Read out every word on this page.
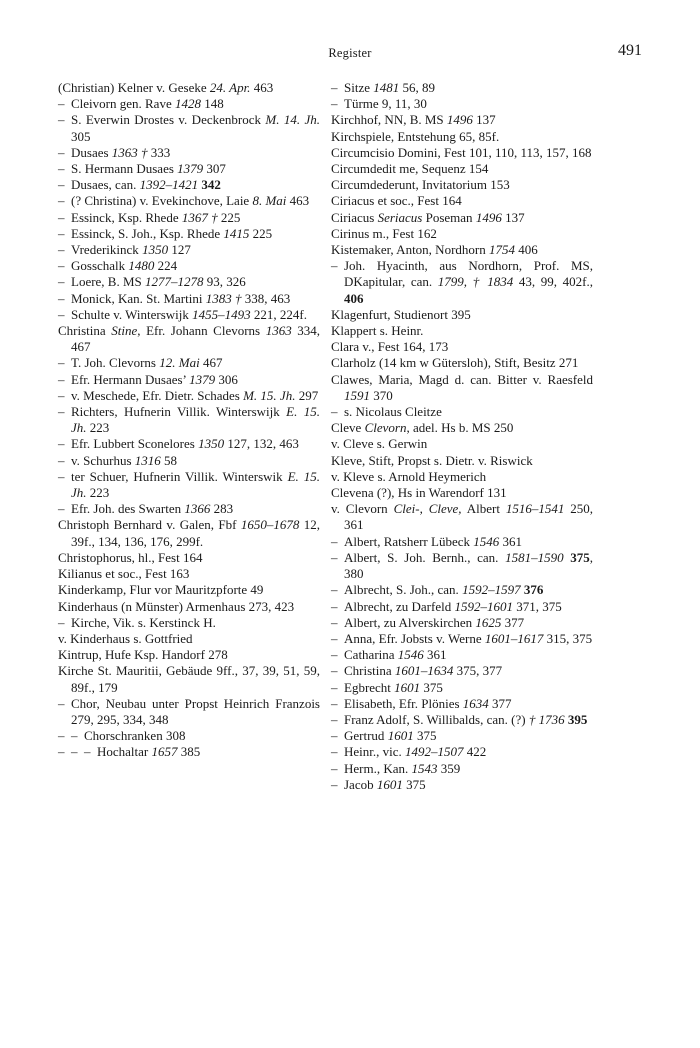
Register	491

(Christian) Kelner v. Geseke 24. Apr. 463

– Cleivorn gen. Rave 1428 148

– S. Everwin Drostes v. Deckenbrock M. 14. Jh. 305

– Dusaes 1363 † 333

– S. Hermann Dusaes 1379 307

– Dusaes, can. 1392–1421 342

– (? Christina) v. Evekinchove, Laie 8. Mai 463

– Essinck, Ksp. Rhede 1367 † 225

– Essinck, S. Joh., Ksp. Rhede 1415 225

– Vrederikinck 1350 127

– Gosschalk 1480 224

– Loere, B. MS 1277–1278 93, 326

– Monick, Kan. St. Martini 1383 † 338, 463

– Schulte v. Winterswijk 1455–1493 221, 224f.

Christina Stine, Efr. Johann Clevorns 1363 334, 467

– T. Joh. Clevorns 12. Mai 467

– Efr. Hermann Dusaes’ 1379 306

– v. Meschede, Efr. Dietr. Schades M. 15. Jh. 297

– Richters, Hufnerin Villik. Winterswijk E. 15. Jh. 223

– Efr. Lubbert Sconelores 1350 127, 132, 463

– v. Schurhus 1316 58

– ter Schuer, Hufnerin Villik. Winterswik E. 15. Jh. 223

– Efr. Joh. des Swarten 1366 283

Christoph Bernhard v. Galen, Fbf 1650–1678 12, 39f., 134, 136, 176, 299f.

Christophorus, hl., Fest 164

Kilianus et soc., Fest 163

Kinderkamp, Flur vor Mauritzpforte 49

Kinderhaus (n Münster) Armenhaus 273, 423

– Kirche, Vik. s. Kerstinck H.

v. Kinderhaus s. Gottfried

Kintrup, Hufe Ksp. Handorf 278

Kirche St. Mauritii, Gebäude 9ff., 37, 39, 51, 59, 89f., 179

– Chor, Neubau unter Propst Heinrich Franzois 279, 295, 334, 348

– – Chorschranken 308

– – – Hochaltar 1657 385

– Sitze 1481 56, 89

– Türme 9, 11, 30

Kirchhof, NN, B. MS 1496 137

Kirchspiele, Entstehung 65, 85f.

Circumcisio Domini, Fest 101, 110, 113, 157, 168

Circumdedit me, Sequenz 154

Circumdederunt, Invitatorium 153

Ciriacus et soc., Fest 164

Ciriacus Seriacus Poseman 1496 137

Cirinus m., Fest 162

Kistemaker, Anton, Nordhorn 1754 406

– Joh. Hyacinth, aus Nordhorn, Prof. MS, DKapitular, can. 1799, † 1834 43, 99, 402f., 406

Klagenfurt, Studienort 395

Klappert s. Heinr.

Clara v., Fest 164, 173

Clarholz (14 km w Gütersloh), Stift, Besitz 271

Clawes, Maria, Magd d. can. Bitter v. Raesfeld 1591 370

– s. Nicolaus Cleitze

Cleve Clevorn, adel. Hs b. MS 250

v. Cleve s. Gerwin

Kleve, Stift, Propst s. Dietr. v. Riswick

v. Kleve s. Arnold Heymerich

Clevena (?), Hs in Warendorf 131

v. Clevorn Clei-, Cleve, Albert 1516–1541 250, 361

– Albert, Ratsherr Lübeck 1546 361

– Albert, S. Joh. Bernh., can. 1581–1590 375, 380

– Albrecht, S. Joh., can. 1592–1597 376

– Albrecht, zu Darfeld 1592–1601 371, 375

– Albert, zu Alverskirchen 1625 377

– Anna, Efr. Jobsts v. Werne 1601–1617 315, 375

– Catharina 1546 361

– Christina 1601–1634 375, 377

– Egbrecht 1601 375

– Elisabeth, Efr. Plönies 1634 377

– Franz Adolf, S. Willibalds, can. (?) † 1736 395

– Gertrud 1601 375

– Heinr., vic. 1492–1507 422

– Herm., Kan. 1543 359

– Jacob 1601 375
